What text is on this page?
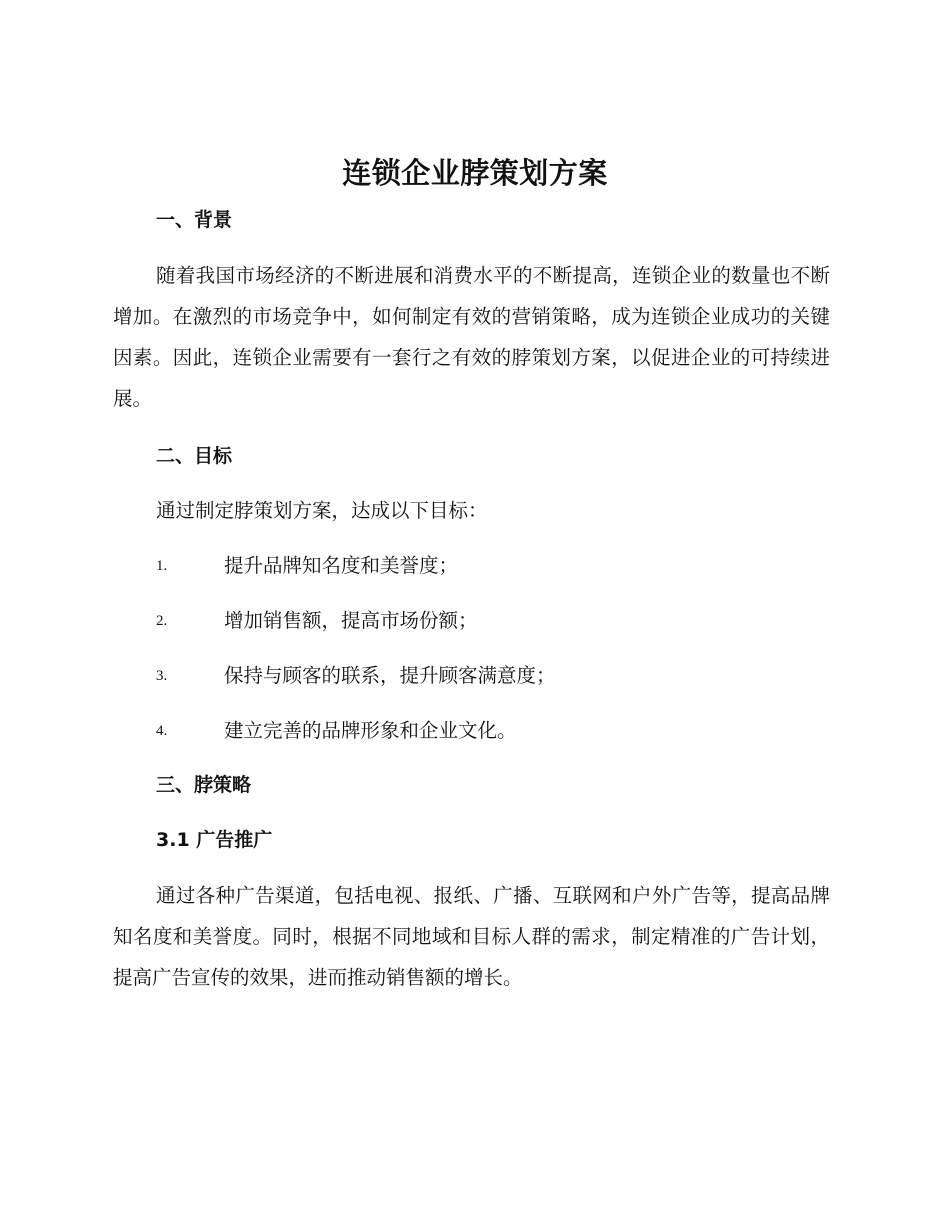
连锁企业脖策划方案
一、背景

随着我国市场经济的不断进展和消费水平的不断提高，连锁企业的数量也不断增加。在激烈的市场竞争中，如何制定有效的营销策略，成为连锁企业成功的关键因素。因此，连锁企业需要有一套行之有效的脖策划方案，以促进企业的可持续进展。

二、目标
通过制定脖策划方案，达成以下目标：
1.	提升品牌知名度和美誉度；
2.	增加销售额，提高市场份额；
3.	保持与顾客的联系，提升顾客满意度；
4.	建立完善的品牌形象和企业文化。
三、脖策略
3.1 广告推广

通过各种广告渠道，包括电视、报纸、广播、互联网和户外广告等，提高品牌知名度和美誉度。同时，根据不同地域和目标人群的需求，制定精准的广告计划，提高广告宣传的效果，进而推动销售额的增长。
